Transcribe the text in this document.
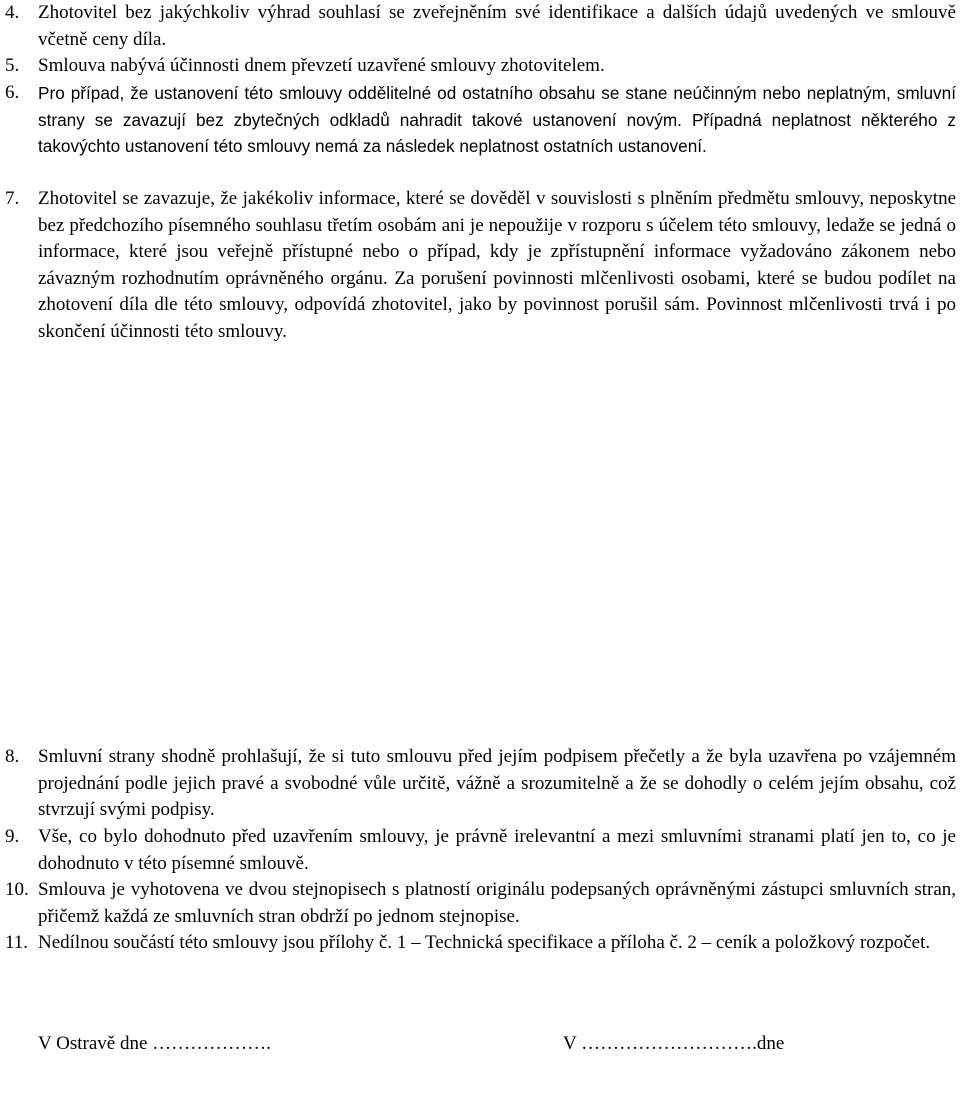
4. Zhotovitel bez jakýchkoliv výhrad souhlasí se zveřejněním své identifikace a dalších údajů uvedených ve smlouvě včetně ceny díla.
5. Smlouva nabývá účinnosti dnem převzetí uzavřené smlouvy zhotovitelem.
6. Pro případ, že ustanovení této smlouvy oddělitelné od ostatního obsahu se stane neúčinným nebo neplatným, smluvní strany se zavazují bez zbytečných odkladů nahradit takové ustanovení novým. Případná neplatnost některého z takovýchto ustanovení této smlouvy nemá za následek neplatnost ostatních ustanovení.
7. Zhotovitel se zavazuje, že jakékoliv informace, které se dověděl v souvislosti s plněním předmětu smlouvy, neposkytne bez předchozího písemného souhlasu třetím osobám ani je nepoužije v rozporu s účelem této smlouvy, ledaže se jedná o informace, které jsou veřejně přístupné nebo o případ, kdy je zpřístupnění informace vyžadováno zákonem nebo závazným rozhodnutím oprávněného orgánu. Za porušení povinnosti mlčenlivosti osobami, které se budou podílet na zhotovení díla dle této smlouvy, odpovídá zhotovitel, jako by povinnost porušil sám. Povinnost mlčenlivosti trvá i po skončení účinnosti této smlouvy.
8. Smluvní strany shodně prohlašují, že si tuto smlouvu před jejím podpisem přečetly a že byla uzavřena po vzájemném projednání podle jejich pravé a svobodné vůle určitě, vážně a srozumitelně a že se dohodly o celém jejím obsahu, což stvrzují svými podpisy.
9. Vše, co bylo dohodnuto před uzavřením smlouvy, je právně irelevantní a mezi smluvními stranami platí jen to, co je dohodnuto v této písemné smlouvě.
10. Smlouva je vyhotovena ve dvou stejnopisech s platností originálu podepsaných oprávněnými zástupci smluvních stran, přičemž každá ze smluvních stran obdrží po jednom stejnopise.
11. Nedílnou součástí této smlouvy jsou přílohy č. 1 – Technická specifikace a příloha č. 2 – ceník a položkový rozpočet.
V Ostravě dne ……………….	V ……………………….dne
